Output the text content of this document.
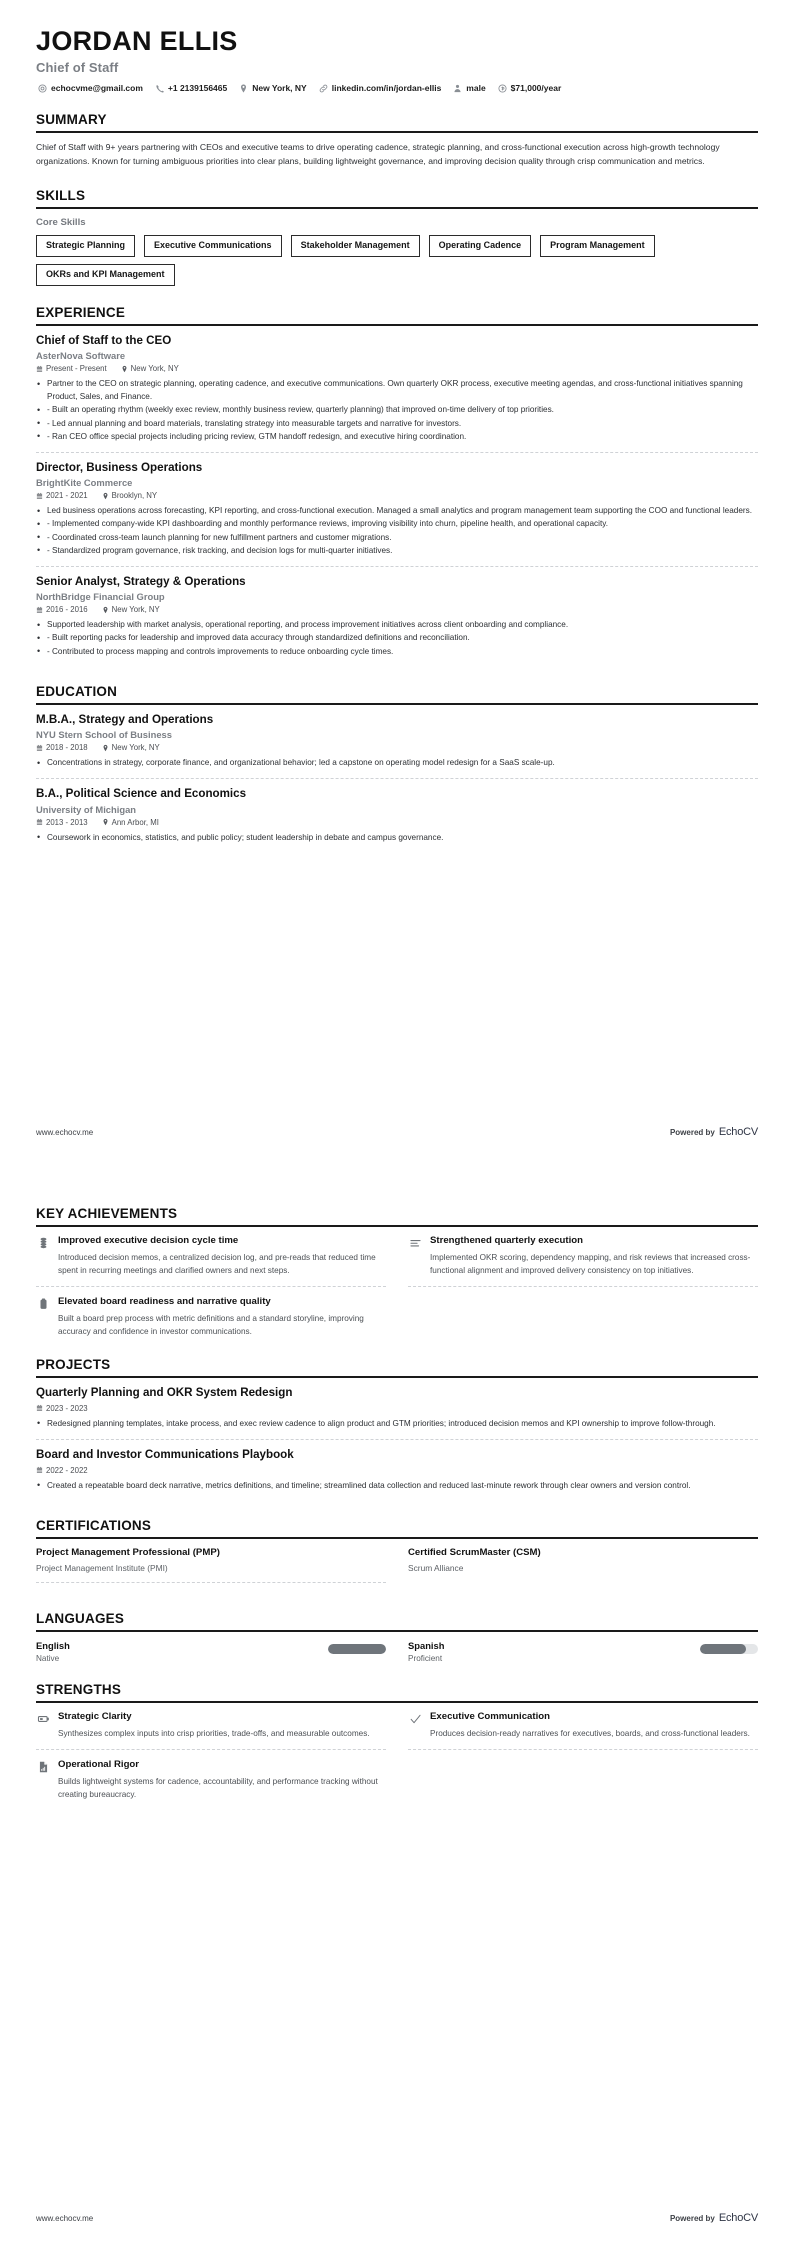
JORDAN ELLIS
Chief of Staff
echocvme@gmail.com	+1 2139156465	New York, NY	linkedin.com/in/jordan-ellis	male	$71,000/year
SUMMARY
Chief of Staff with 9+ years partnering with CEOs and executive teams to drive operating cadence, strategic planning, and cross-functional execution across high-growth technology organizations. Known for turning ambiguous priorities into clear plans, building lightweight governance, and improving decision quality through crisp communication and metrics.
SKILLS
Core Skills
Strategic Planning	Executive Communications	Stakeholder Management	Operating Cadence	Program Management
OKRs and KPI Management
EXPERIENCE
Chief of Staff to the CEO
AsterNova Software
Present - Present	New York, NY
• Partner to the CEO on strategic planning, operating cadence, and executive communications. Own quarterly OKR process, executive meeting agendas, and cross-functional initiatives spanning Product, Sales, and Finance.
• - Built an operating rhythm (weekly exec review, monthly business review, quarterly planning) that improved on-time delivery of top priorities.
• - Led annual planning and board materials, translating strategy into measurable targets and narrative for investors.
• - Ran CEO office special projects including pricing review, GTM handoff redesign, and executive hiring coordination.
Director, Business Operations
BrightKite Commerce
2021 - 2021	Brooklyn, NY
• Led business operations across forecasting, KPI reporting, and cross-functional execution. Managed a small analytics and program management team supporting the COO and functional leaders.
• - Implemented company-wide KPI dashboarding and monthly performance reviews, improving visibility into churn, pipeline health, and operational capacity.
• - Coordinated cross-team launch planning for new fulfillment partners and customer migrations.
• - Standardized program governance, risk tracking, and decision logs for multi-quarter initiatives.
Senior Analyst, Strategy & Operations
NorthBridge Financial Group
2016 - 2016	New York, NY
• Supported leadership with market analysis, operational reporting, and process improvement initiatives across client onboarding and compliance.
• - Built reporting packs for leadership and improved data accuracy through standardized definitions and reconciliation.
• - Contributed to process mapping and controls improvements to reduce onboarding cycle times.
EDUCATION
M.B.A., Strategy and Operations
NYU Stern School of Business
2018 - 2018	New York, NY
• Concentrations in strategy, corporate finance, and organizational behavior; led a capstone on operating model redesign for a SaaS scale-up.
B.A., Political Science and Economics
University of Michigan
2013 - 2013	Ann Arbor, MI
• Coursework in economics, statistics, and public policy; student leadership in debate and campus governance.
www.echocv.me	Powered by EchoCV
KEY ACHIEVEMENTS
Improved executive decision cycle time
Introduced decision memos, a centralized decision log, and pre-reads that reduced time spent in recurring meetings and clarified owners and next steps.
Strengthened quarterly execution
Implemented OKR scoring, dependency mapping, and risk reviews that increased cross-functional alignment and improved delivery consistency on top initiatives.
Elevated board readiness and narrative quality
Built a board prep process with metric definitions and a standard storyline, improving accuracy and confidence in investor communications.
PROJECTS
Quarterly Planning and OKR System Redesign
2023 - 2023
• Redesigned planning templates, intake process, and exec review cadence to align product and GTM priorities; introduced decision memos and KPI ownership to improve follow-through.
Board and Investor Communications Playbook
2022 - 2022
• Created a repeatable board deck narrative, metrics definitions, and timeline; streamlined data collection and reduced last-minute rework through clear owners and version control.
CERTIFICATIONS
Project Management Professional (PMP)
Project Management Institute (PMI)
Certified ScrumMaster (CSM)
Scrum Alliance
LANGUAGES
English
Native
Spanish
Proficient
STRENGTHS
Strategic Clarity
Synthesizes complex inputs into crisp priorities, trade-offs, and measurable outcomes.
Executive Communication
Produces decision-ready narratives for executives, boards, and cross-functional leaders.
Operational Rigor
Builds lightweight systems for cadence, accountability, and performance tracking without creating bureaucracy.
www.echocv.me	Powered by EchoCV
